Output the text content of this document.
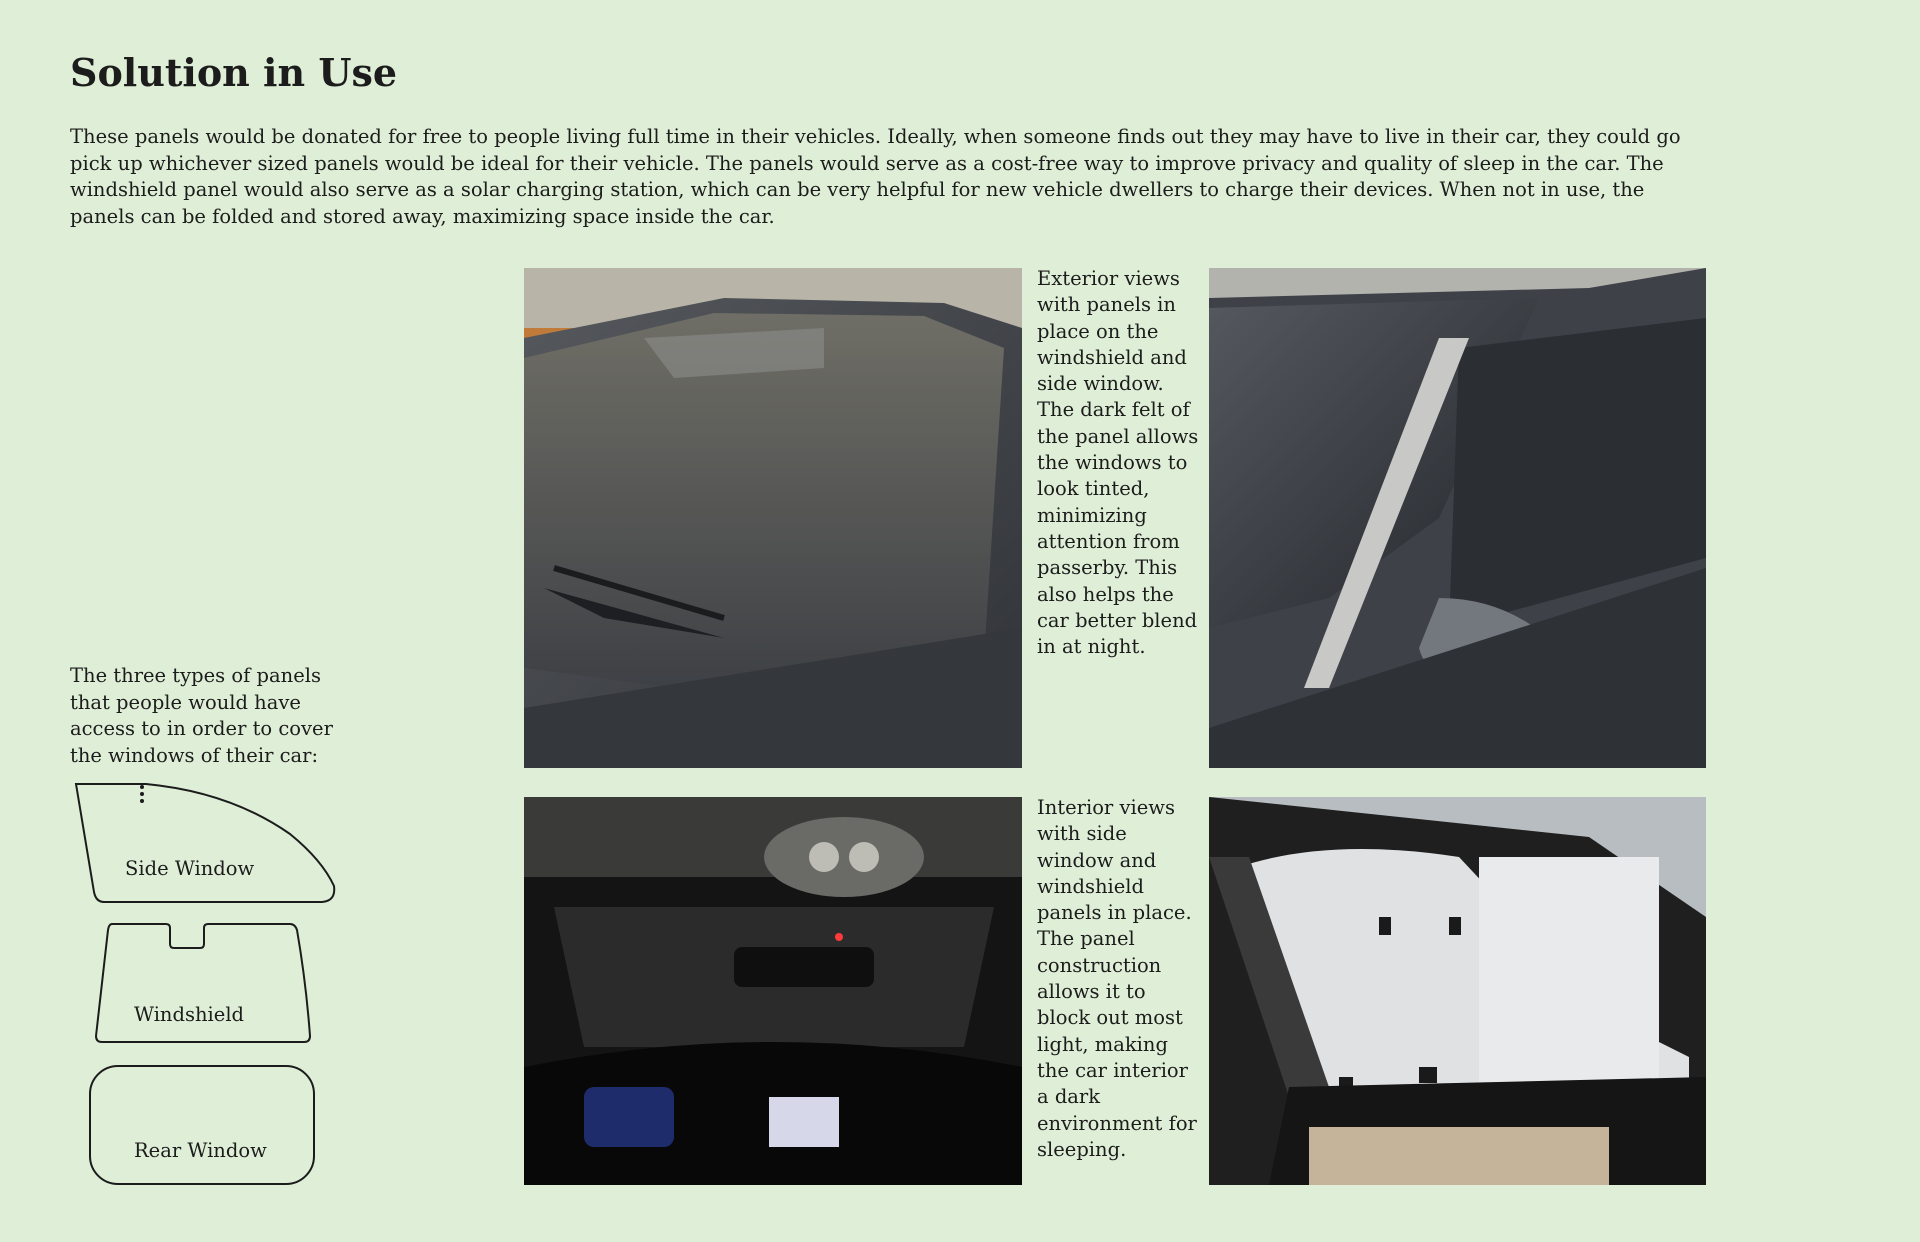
Solution in Use

These panels would be donated for free to people living full time in their vehicles. Ideally, when someone finds out they may have to live in their car, they could go pick up whichever sized panels would be ideal for their vehicle. The panels would serve as a cost-free way to improve privacy and quality of sleep in the car. The windshield panel would also serve as a solar charging station, which can be very helpful for new vehicle dwellers to charge their devices. When not in use, the panels can be folded and stored away, maximizing space inside the car.

The three types of panels that people would have access to in order to cover the windows of their car:

Side Window
Windshield
Rear Window

Exterior views with panels in place on the windshield and side window. The dark felt of the panel allows the windows to look tinted, minimizing attention from passerby. This also helps the car better blend in at night.

Interior views with side window and windshield panels in place. The panel construction allows it to block out most light, making the car interior a dark environment for sleeping.
